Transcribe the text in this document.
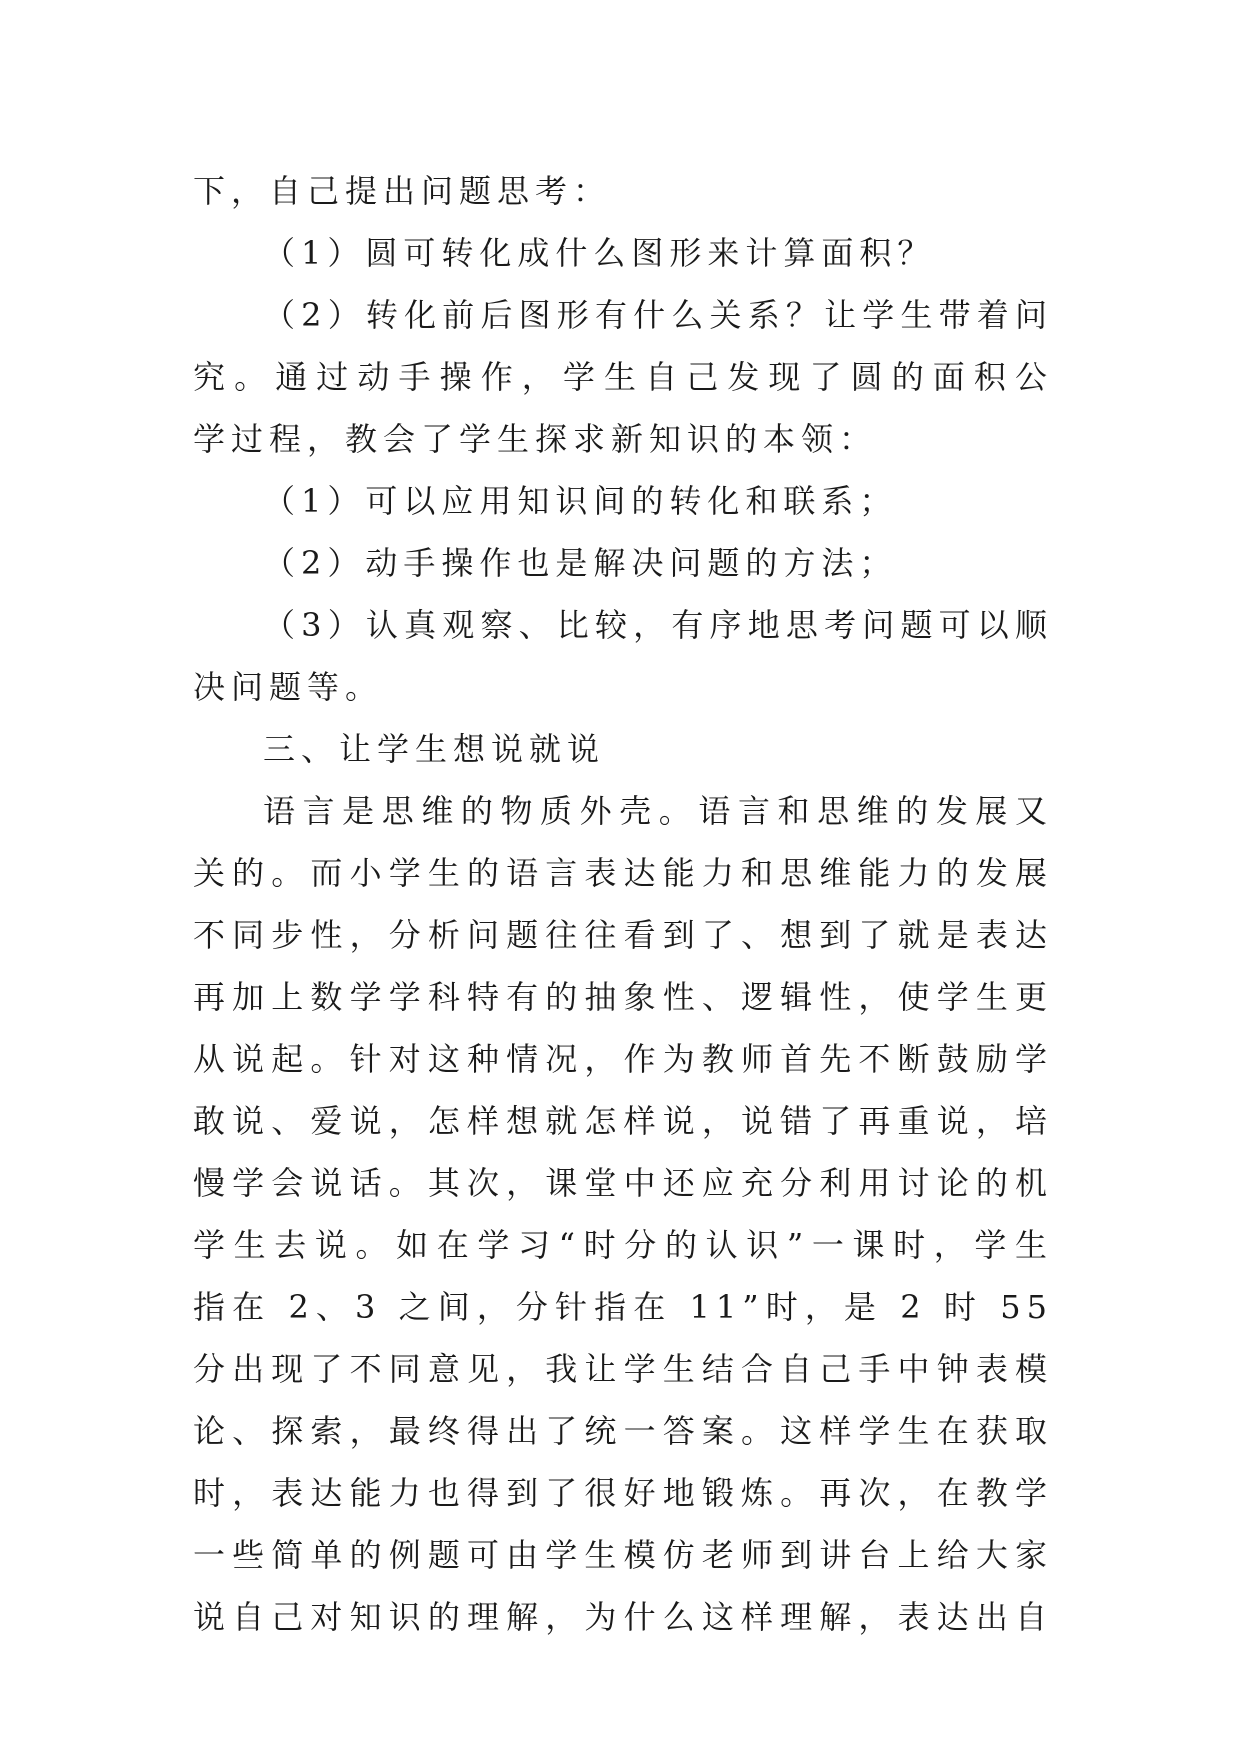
下，自己提出问题思考：
（1）圆可转化成什么图形来计算面积？
（2）转化前后图形有什么关系？让学生带着问
究。通过动手操作，学生自己发现了圆的面积公
学过程，教会了学生探求新知识的本领：
（1）可以应用知识间的转化和联系；
（2）动手操作也是解决问题的方法；
（3）认真观察、比较，有序地思考问题可以顺
决问题等。
三、让学生想说就说
语言是思维的物质外壳。语言和思维的发展又
关的。而小学生的语言表达能力和思维能力的发展
不同步性，分析问题往往看到了、想到了就是表达
再加上数学学科特有的抽象性、逻辑性，使学生更
从说起。针对这种情况，作为教师首先不断鼓励学
敢说、爱说，怎样想就怎样说，说错了再重说，培
慢学会说话。其次，课堂中还应充分利用讨论的机
学生去说。如在学习“时分的认识”一课时，学生
指在 2、3 之间，分针指在 11”时，是 2 时 55
分出现了不同意见，我让学生结合自己手中钟表模
论、探索，最终得出了统一答案。这样学生在获取
时，表达能力也得到了很好地锻炼。再次，在教学
一些简单的例题可由学生模仿老师到讲台上给大家
说自己对知识的理解，为什么这样理解，表达出自
